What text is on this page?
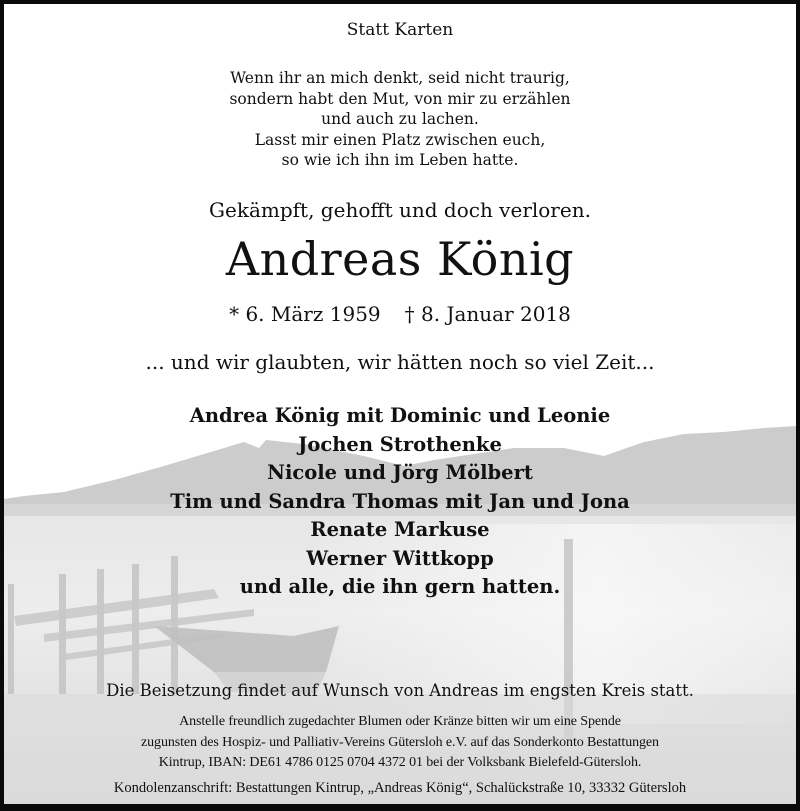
Statt Karten
Wenn ihr an mich denkt, seid nicht traurig,
sondern habt den Mut, von mir zu erzählen
und auch zu lachen.
Lasst mir einen Platz zwischen euch,
so wie ich ihn im Leben hatte.
Gekämpft, gehofft und doch verloren.
Andreas König
* 6. März 1959 † 8. Januar 2018
... und wir glaubten, wir hätten noch so viel Zeit...
Andrea König mit Dominic und Leonie
Jochen Strothenke
Nicole und Jörg Mölbert
Tim und Sandra Thomas mit Jan und Jona
Renate Markuse
Werner Wittkopp
und alle, die ihn gern hatten.
Die Beisetzung findet auf Wunsch von Andreas im engsten Kreis statt.
Anstelle freundlich zugedachter Blumen oder Kränze bitten wir um eine Spende
zugunsten des Hospiz- und Palliativ-Vereins Gütersloh e.V. auf das Sonderkonto Bestattungen
Kintrup, IBAN: DE61 4786 0125 0704 4372 01 bei der Volksbank Bielefeld-Gütersloh.
Kondolenzanschrift: Bestattungen Kintrup, „Andreas König“, Schalückstraße 10, 33332 Gütersloh
